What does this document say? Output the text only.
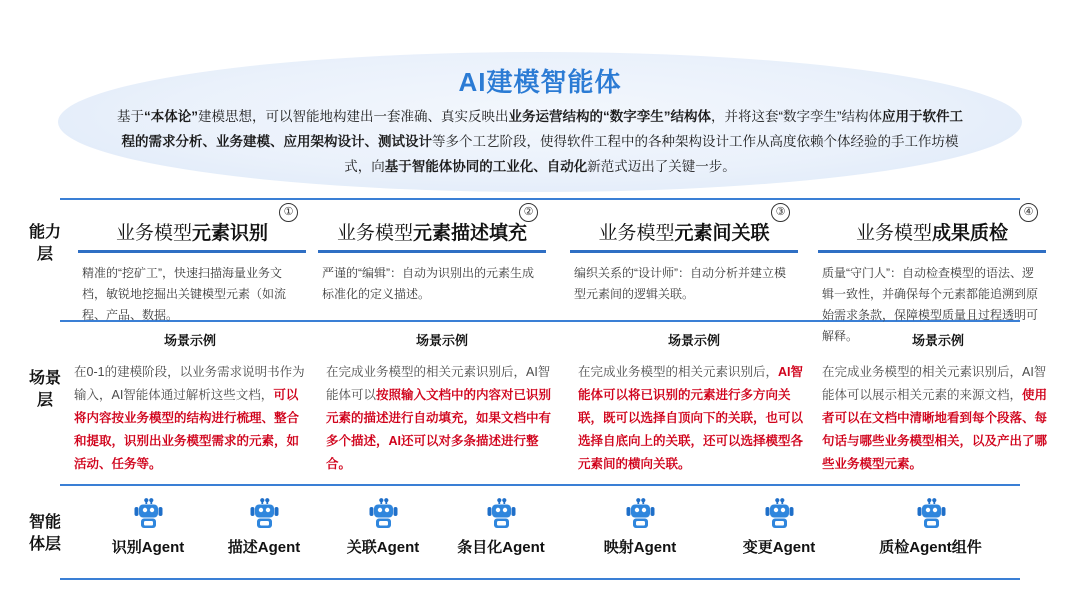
AI建模智能体
基于“本体论”建模思想，可以智能地构建出一套准确、真实反映出业务运营结构的“数字孪生”结构体，并将这套“数字孪生”结构体应用于软件工程的需求分析、业务建模、应用架构设计、测试设计等多个工艺阶段，使得软件工程中的各种架构设计工作从高度依赖个体经验的手工作坊模式，向基于智能体协同的工业化、自动化新范式迈出了关键一步。
能力层
场景层
智能体层
业务模型 元素识别
①
精准的“挖矿工”，快速扫描海量业务文档，敏锐地挖掘出关键模型元素（如流程、产品、数据。
业务模型 元素描述填充
②
严谨的“编辑”：自动为识别出的元素生成标准化的定义描述。
业务模型 元素间关联
③
编织关系的“设计师”：自动分析并建立模型元素间的逻辑关联。
业务模型 成果质检
④
质量“守门人”：自动检查模型的语法、逻辑一致性，并确保每个元素都能追溯到原始需求条款，保障模型质量且过程透明可解释。
场景示例
在0-1的建模阶段，以业务需求说明书作为输入，AI智能体通过解析这些文档，可以将内容按业务模型的结构进行梳理、整合和提取，识别出业务模型需求的元素，如活动、任务等。
场景示例
在完成业务模型的相关元素识别后，AI智能体可以按照输入文档中的内容对已识别元素的描述进行自动填充，如果文档中有多个描述，AI还可以对多条描述进行整合。
场景示例
在完成业务模型的相关元素识别后，AI智能体可以将已识别的元素进行多方向关联，既可以选择自顶向下的关联，也可以选择自底向上的关联，还可以选择模型各元素间的横向关联。
场景示例
在完成业务模型的相关元素识别后，AI智能体可以展示相关元素的来源文档，使用者可以在文档中清晰地看到每个段落、每句话与哪些业务模型相关，以及产出了哪些业务模型元素。
识别Agent	描述Agent	关联Agent	条目化Agent	映射Agent	变更Agent	质检Agent组件
